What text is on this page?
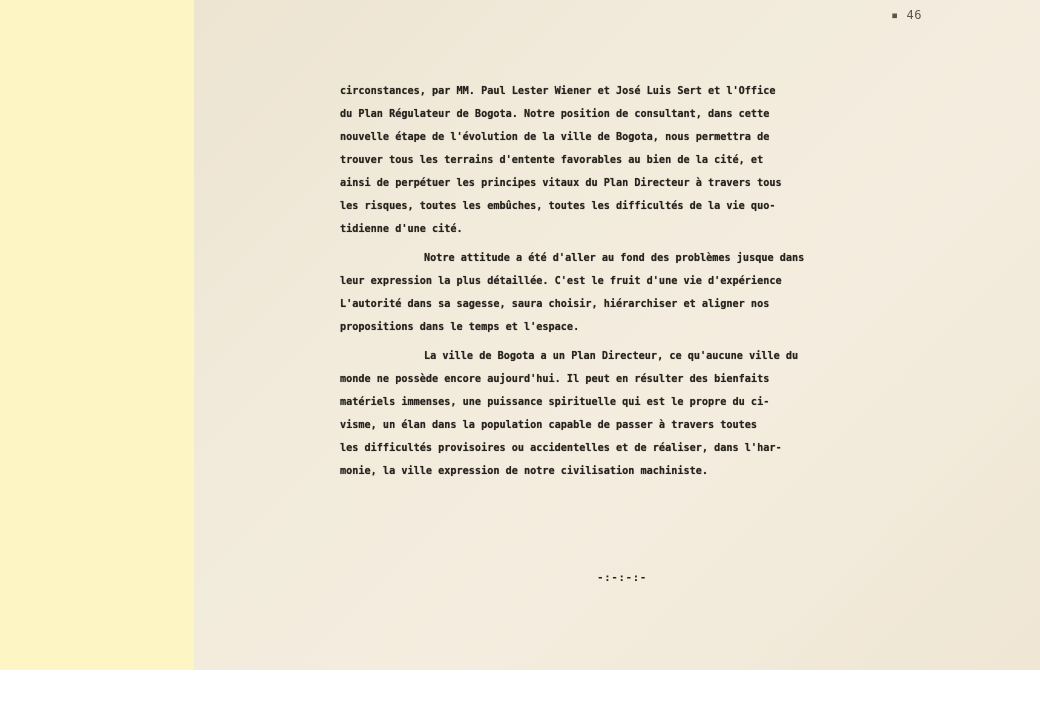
▪ 46
circonstances, par MM. Paul Lester Wiener et José Luis Sert et l'Office
du Plan Régulateur de Bogota. Notre position de consultant, dans cette
nouvelle étape de l'évolution de la ville de Bogota, nous permettra de
trouver tous les terrains d'entente favorables au bien de la cité, et
ainsi de perpétuer les principes vitaux du Plan Directeur à travers tous
les risques, toutes les embûches, toutes les difficultés de la vie quo-
tidienne d'une cité.
Notre attitude a été d'aller au fond des problèmes jusque dans
leur expression la plus détaillée. C'est le fruit d'une vie d'expérience
L'autorité dans sa sagesse, saura choisir, hiérarchiser et aligner nos
propositions dans le temps et l'espace.
La ville de Bogota a un Plan Directeur, ce qu'aucune ville du
monde ne possède encore aujourd'hui. Il peut en résulter des bienfaits
matériels immenses, une puissance spirituelle qui est le propre du ci-
visme, un élan dans la population capable de passer à travers toutes
les difficultés provisoires ou accidentelles et de réaliser, dans l'har-
monie, la ville expression de notre civilisation machiniste.
-:-:-:-
